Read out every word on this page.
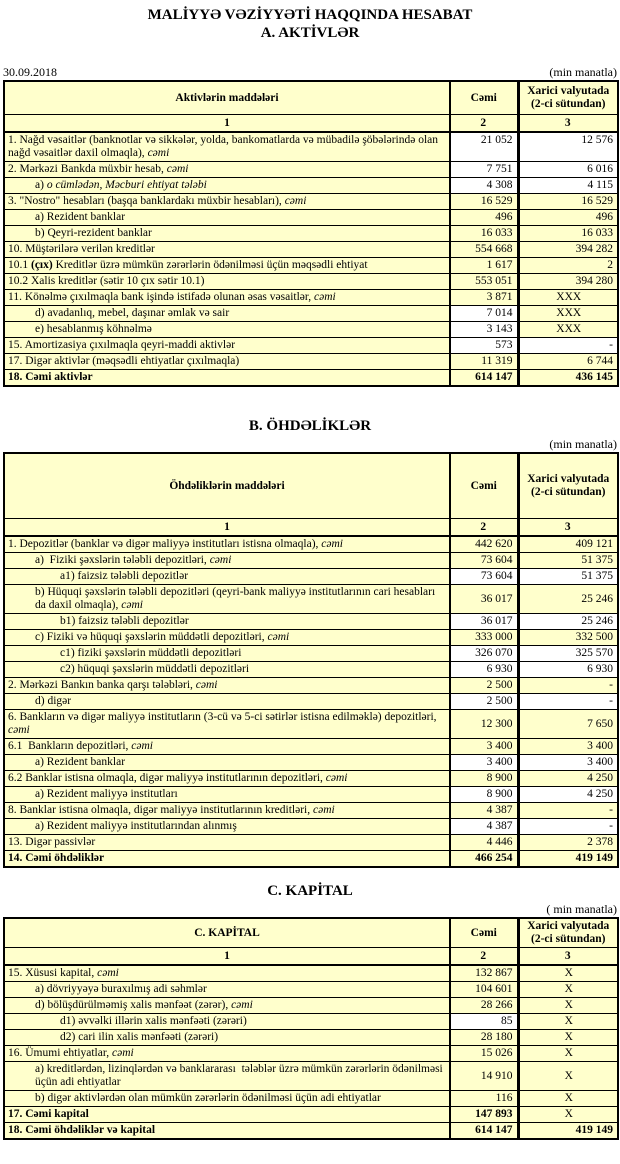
MALİYYƏ VƏZİYYƏTİ HAQQINDA HESABAT
A. AKTİVLƏR
30.09.2018	(min manatla)
Aktivlərin maddələri	Cəmi	Xarici valyutada (2-ci sütundan)
1	2	3
1. Nağd vəsaitlər (banknotlar və sikkələr, yolda, bankomatlarda və mübadilə şöbələrində olan nağd vəsaitlər daxil olmaqla), cəmi	21 052	12 576
2. Mərkəzi Bankda müxbir hesab, cəmi	7 751	6 016
a) o cümlədən, Məcburi ehtiyat tələbi	4 308	4 115
3. "Nostro" hesabları (başqa banklardakı müxbir hesabları), cəmi	16 529	16 529
a) Rezident banklar	496	496
b) Qeyri-rezident banklar	16 033	16 033
10. Müştərilərə verilən kreditlər	554 668	394 282
10.1 (çıx) Kreditlər üzrə mümkün zərərlərin ödənilməsi üçün məqsədli ehtiyat	1 617	2
10.2 Xalis kreditlər (sətir 10 çıx sətir 10.1)	553 051	394 280
11. Könəlmə çıxılmaqla bank işində istifadə olunan əsas vəsaitlər, cəmi	3 871	XXX
d) avadanlıq, mebel, daşınar əmlak və sair	7 014	XXX
e) hesablanmış köhnəlmə	3 143	XXX
15. Amortizasiya çıxılmaqla qeyri-maddi aktivlər	573	-
17. Digər aktivlər (məqsədli ehtiyatlar çıxılmaqla)	11 319	6 744
18. Cəmi aktivlər	614 147	436 145
B. ÖHDƏLİKLƏR
(min manatla)
Öhdəliklərin maddələri	Cəmi	Xarici valyutada (2-ci sütundan)
1	2	3
1. Depozitlər (banklar və digər maliyyə institutları istisna olmaqla), cəmi	442 620	409 121
a)  Fiziki şəxslərin tələbli depozitləri, cəmi	73 604	51 375
a1) faizsiz tələbli depozitlər	73 604	51 375
b) Hüquqi şəxslərin tələbli depozitləri (qeyri-bank maliyyə institutlarının cari hesabları da daxil olmaqla), cəmi	36 017	25 246
b1) faizsiz tələbli depozitlər	36 017	25 246
c) Fiziki və hüquqi şəxslərin müddətli depozitləri, cəmi	333 000	332 500
c1) fiziki şəxslərin müddətli depozitləri	326 070	325 570
c2) hüquqi şəxslərin müddətli depozitləri	6 930	6 930
2. Mərkəzi Bankın banka qarşı tələbləri, cəmi	2 500	-
d) digər	2 500	-
6. Bankların və digər maliyyə institutların (3-cü və 5-ci sətirlər istisna edilməklə) depozitləri, cəmi	12 300	7 650
6.1  Bankların depozitləri, cəmi	3 400	3 400
a) Rezident banklar	3 400	3 400
6.2 Banklar istisna olmaqla, digər maliyyə institutlarının depozitləri, cəmi	8 900	4 250
a) Rezident maliyyə institutları	8 900	4 250
8. Banklar istisna olmaqla, digər maliyyə institutlarının kreditləri, cəmi	4 387	-
a) Rezident maliyyə institutlarından alınmış	4 387	-
13. Digər passivlər	4 446	2 378
14. Cəmi öhdəliklər	466 254	419 149
C. KAPİTAL
( min manatla)
C. KAPİTAL	Cəmi	Xarici valyutada (2-ci sütundan)
1	2	3
15. Xüsusi kapital, cəmi	132 867	X
a) dövriyyəyə buraxılmış adi səhmlər	104 601	X
d) bölüşdürülməmiş xalis mənfəət (zərər), cəmi	28 266	X
d1) əvvəlki illərin xalis mənfəəti (zərəri)	85	X
d2) cari ilin xalis mənfəəti (zərəri)	28 180	X
16. Ümumi ehtiyatlar, cəmi	15 026	X
a) kreditlərdən, lizinqlərdən və banklararası  tələblər üzrə mümkün zərərlərin ödənilməsi üçün adi ehtiyatlar	14 910	X
b) digər aktivlərdən olan mümkün zərərlərin ödənilməsi üçün adi ehtiyatlar	116	X
17. Cəmi kapital	147 893	X
18. Cəmi öhdəliklər və kapital	614 147	419 149
